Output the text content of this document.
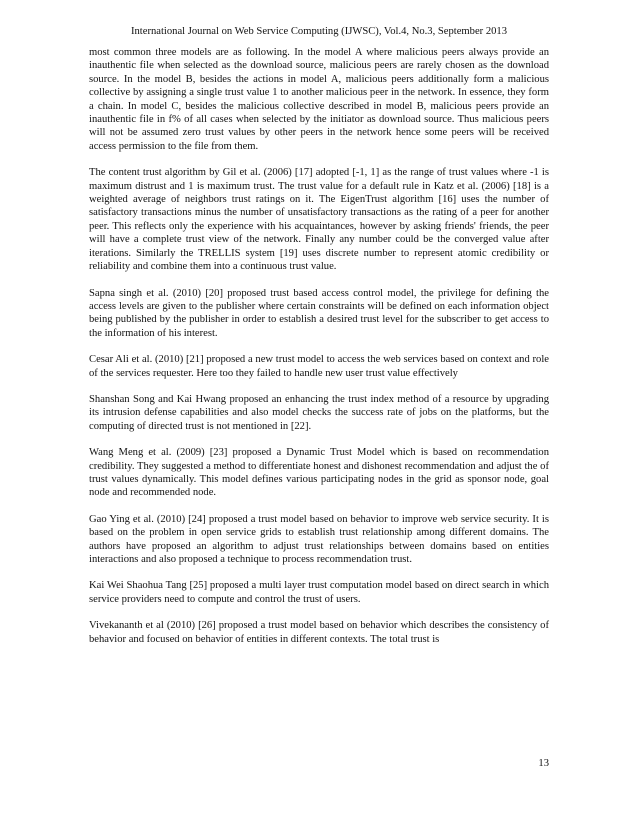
International Journal on Web Service Computing (IJWSC), Vol.4, No.3, September 2013

most common three models are as following. In the model A where malicious peers always provide an inauthentic file when selected as the download source, malicious peers are rarely chosen as the download source. In the model B, besides the actions in model A, malicious peers additionally form a malicious collective by assigning a single trust value 1 to another malicious peer in the network. In essence, they form a chain. In model C, besides the malicious collective described in model B, malicious peers provide an inauthentic file in f% of all cases when selected by the initiator as download source. Thus malicious peers will not be assumed zero trust values by other peers in the network hence some peers will be received access permission to the file from them.

The content trust algorithm by Gil et al. (2006) [17] adopted [-1, 1] as the range of trust values where -1 is maximum distrust and 1 is maximum trust. The trust value for a default rule in Katz et al. (2006) [18] is a weighted average of neighbors trust ratings on it. The EigenTrust algorithm [16] uses the number of satisfactory transactions minus the number of unsatisfactory transactions as the rating of a peer for another peer. This reflects only the experience with his acquaintances, however by asking friends' friends, the peer will have a complete trust view of the network. Finally any number could be the converged value after iterations. Similarly the TRELLIS system [19] uses discrete number to represent atomic credibility or reliability and combine them into a continuous trust value.

Sapna singh et al. (2010) [20] proposed trust based access control model, the privilege for defining the access levels are given to the publisher where certain constraints will be defined on each information object being published by the publisher in order to establish a desired trust level for the subscriber to get access to the information of his interest.

Cesar Ali et al. (2010) [21] proposed a new trust model to access the web services based on context and role of the services requester. Here too they failed to handle new user trust value effectively

Shanshan Song and Kai Hwang proposed an enhancing the trust index method of a resource by upgrading its intrusion defense capabilities and also model checks the success rate of jobs on the platforms, but the computing of directed trust is not mentioned in [22].

Wang Meng et al. (2009) [23] proposed a Dynamic Trust Model which is based on recommendation credibility. They suggested a method to differentiate honest and dishonest recommendation and adjust the of trust values dynamically. This model defines various participating nodes in the grid as sponsor node, goal node and recommended node.

Gao Ying et al. (2010) [24] proposed a trust model based on behavior to improve web service security. It is based on the problem in open service grids to establish trust relationship among different domains. The authors have proposed an algorithm to adjust trust relationships between domains based on entities interactions and also proposed a technique to process recommendation trust.

Kai Wei Shaohua Tang [25] proposed a multi layer trust computation model based on direct search in which service providers need to compute and control the trust of users.

Vivekananth et al (2010) [26] proposed a trust model based on behavior which describes the consistency of behavior and focused on behavior of entities in different contexts. The total trust is

13
